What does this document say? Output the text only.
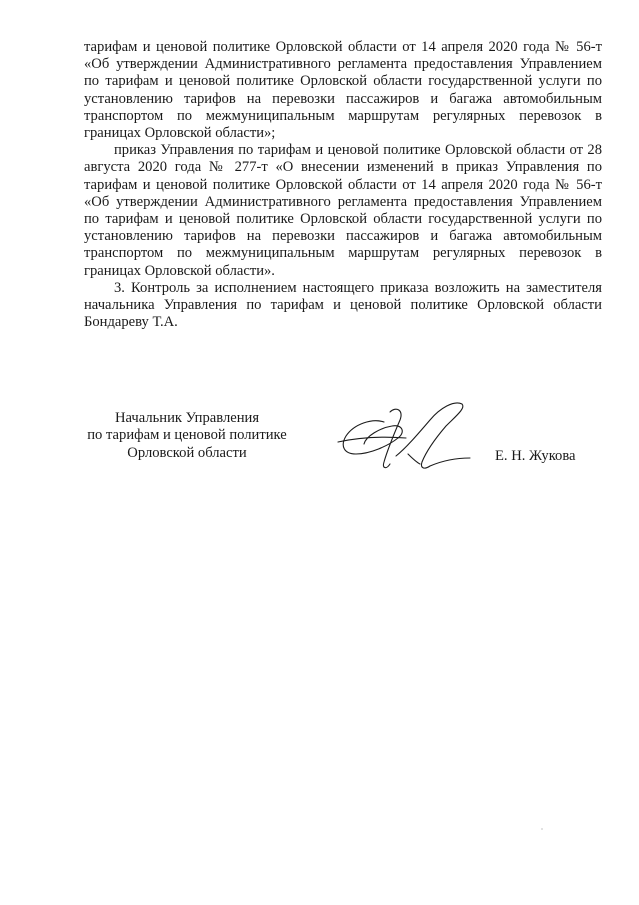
тарифам и ценовой политике Орловской области от 14 апреля 2020 года № 56-т «Об утверждении Административного регламента предоставления Управлением по тарифам и ценовой политике Орловской области государственной услуги по установлению тарифов на перевозки пассажиров и багажа автомобильным транспортом по межмуниципальным маршрутам регулярных перевозок в границах Орловской области»;

приказ Управления по тарифам и ценовой политике Орловской области от 28 августа 2020 года № 277-т «О внесении изменений в приказ Управления по тарифам и ценовой политике Орловской области от 14 апреля 2020 года № 56-т «Об утверждении Административного регламента предоставления Управлением по тарифам и ценовой политике Орловской области государственной услуги по установлению тарифов на перевозки пассажиров и багажа автомобильным транспортом по межмуниципальным маршрутам регулярных перевозок в границах Орловской области».

3. Контроль за исполнением настоящего приказа возложить на заместителя начальника Управления по тарифам и ценовой политике Орловской области Бондареву Т.А.

Начальник Управления
по тарифам и ценовой политике
Орловской области	Е. Н. Жукова
